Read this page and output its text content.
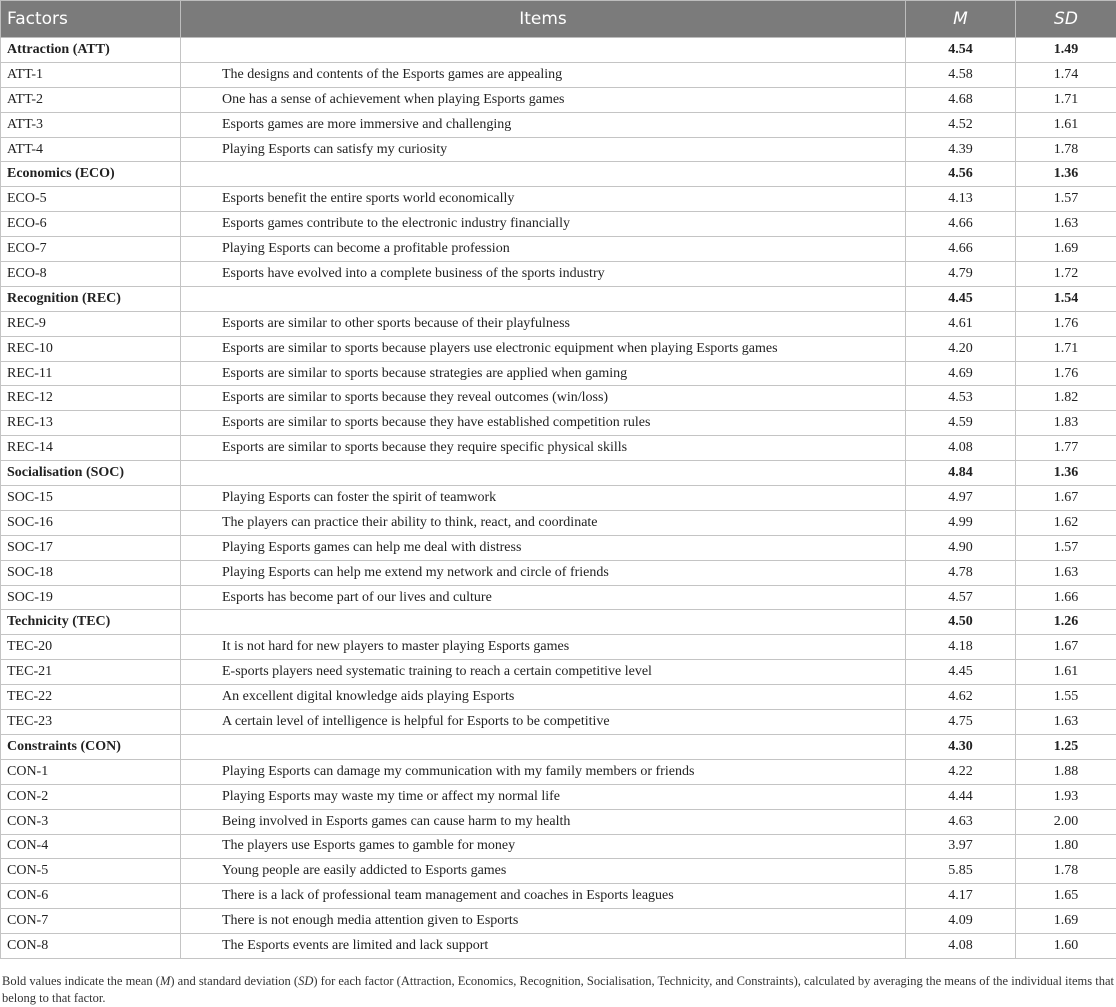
Factors	Items	M	SD
Attraction (ATT)		4.54	1.49
ATT-1	The designs and contents of the Esports games are appealing	4.58	1.74
ATT-2	One has a sense of achievement when playing Esports games	4.68	1.71
ATT-3	Esports games are more immersive and challenging	4.52	1.61
ATT-4	Playing Esports can satisfy my curiosity	4.39	1.78
Economics (ECO)		4.56	1.36
ECO-5	Esports benefit the entire sports world economically	4.13	1.57
ECO-6	Esports games contribute to the electronic industry financially	4.66	1.63
ECO-7	Playing Esports can become a profitable profession	4.66	1.69
ECO-8	Esports have evolved into a complete business of the sports industry	4.79	1.72
Recognition (REC)		4.45	1.54
REC-9	Esports are similar to other sports because of their playfulness	4.61	1.76
REC-10	Esports are similar to sports because players use electronic equipment when playing Esports games	4.20	1.71
REC-11	Esports are similar to sports because strategies are applied when gaming	4.69	1.76
REC-12	Esports are similar to sports because they reveal outcomes (win/loss)	4.53	1.82
REC-13	Esports are similar to sports because they have established competition rules	4.59	1.83
REC-14	Esports are similar to sports because they require specific physical skills	4.08	1.77
Socialisation (SOC)		4.84	1.36
SOC-15	Playing Esports can foster the spirit of teamwork	4.97	1.67
SOC-16	The players can practice their ability to think, react, and coordinate	4.99	1.62
SOC-17	Playing Esports games can help me deal with distress	4.90	1.57
SOC-18	Playing Esports can help me extend my network and circle of friends	4.78	1.63
SOC-19	Esports has become part of our lives and culture	4.57	1.66
Technicity (TEC)		4.50	1.26
TEC-20	It is not hard for new players to master playing Esports games	4.18	1.67
TEC-21	E-sports players need systematic training to reach a certain competitive level	4.45	1.61
TEC-22	An excellent digital knowledge aids playing Esports	4.62	1.55
TEC-23	A certain level of intelligence is helpful for Esports to be competitive	4.75	1.63
Constraints (CON)		4.30	1.25
CON-1	Playing Esports can damage my communication with my family members or friends	4.22	1.88
CON-2	Playing Esports may waste my time or affect my normal life	4.44	1.93
CON-3	Being involved in Esports games can cause harm to my health	4.63	2.00
CON-4	The players use Esports games to gamble for money	3.97	1.80
CON-5	Young people are easily addicted to Esports games	5.85	1.78
CON-6	There is a lack of professional team management and coaches in Esports leagues	4.17	1.65
CON-7	There is not enough media attention given to Esports	4.09	1.69
CON-8	The Esports events are limited and lack support	4.08	1.60
Bold values indicate the mean (M) and standard deviation (SD) for each factor (Attraction, Economics, Recognition, Socialisation, Technicity, and Constraints), calculated by averaging the means of the individual items that belong to that factor.
